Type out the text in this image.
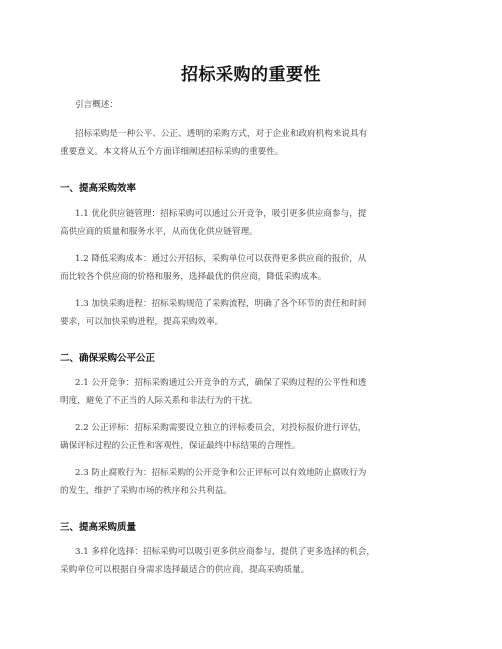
招标采购的重要性
引言概述：
招标采购是一种公平、公正、透明的采购方式，对于企业和政府机构来说具有
重要意义。本文将从五个方面详细阐述招标采购的重要性。
一、提高采购效率
1.1 优化供应链管理：招标采购可以通过公开竞争，吸引更多供应商参与，提
高供应商的质量和服务水平，从而优化供应链管理。
1.2 降低采购成本：通过公开招标，采购单位可以获得更多供应商的报价，从
而比较各个供应商的价格和服务，选择最优的供应商，降低采购成本。
1.3 加快采购进程：招标采购规范了采购流程，明确了各个环节的责任和时间
要求，可以加快采购进程，提高采购效率。
二、确保采购公平公正
2.1 公开竞争：招标采购通过公开竞争的方式，确保了采购过程的公平性和透
明度，避免了不正当的人际关系和非法行为的干扰。
2.2 公正评标：招标采购需要设立独立的评标委员会，对投标报价进行评估，
确保评标过程的公正性和客观性，保证最终中标结果的合理性。
2.3 防止腐败行为：招标采购的公开竞争和公正评标可以有效地防止腐败行为
的发生，维护了采购市场的秩序和公共利益。
三、提高采购质量
3.1 多样化选择：招标采购可以吸引更多供应商参与，提供了更多选择的机会，
采购单位可以根据自身需求选择最适合的供应商，提高采购质量。
